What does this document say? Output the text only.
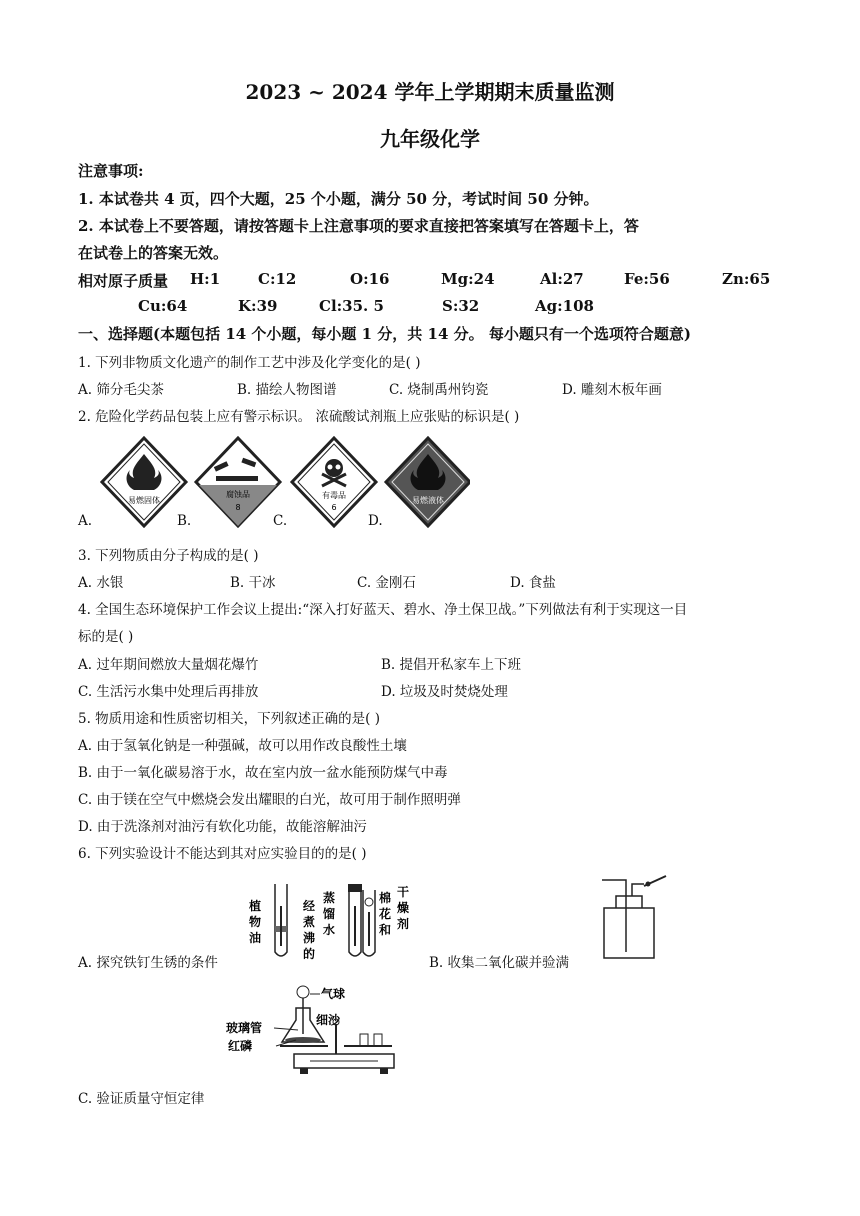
2023 ~ 2024 学年上学期期末质量监测
九年级化学
注意事项:
1. 本试卷共 4 页，四个大题，25 个小题，满分 50 分，考试时间 50 分钟。
2. 本试卷上不要答题，请按答题卡上注意事项的要求直接把答案填写在答题卡上，答
在试卷上的答案无效。
相对原子质量 H:1	C:12	O:16	Mg:24	Al:27	Fe:56	Zn:65
Cu:64	K:39	Cl:35. 5	S:32	Ag:108
一、选择题(本题包括 14 个小题，每小题 1 分，共 14 分。 每小题只有一个选项符合题意)
1. 下列非物质文化遗产的制作工艺中涉及化学变化的是( )
A. 筛分毛尖茶	B. 描绘人物图谱	C. 烧制禹州钧瓷	D. 雕刻木板年画
2. 危险化学药品包装上应有警示标识。 浓硫酸试剂瓶上应张贴的标识是( )
易燃固体
腐蚀品
8
有毒品
6
易燃液体
A.	B.	C.	D.
3. 下列物质由分子构成的是( )
A. 水银	B. 干冰	C. 金刚石	D. 食盐
4. 全国生态环境保护工作会议上提出:“深入打好蓝天、碧水、净土保卫战。”下列做法有利于实现这一目
标的是( )
A. 过年期间燃放大量烟花爆竹	B. 提倡开私家车上下班
C. 生活污水集中处理后再排放	D. 垃圾及时焚烧处理
5. 物质用途和性质密切相关，下列叙述正确的是( )
A. 由于氢氧化钠是一种强碱，故可以用作改良酸性土壤
B. 由于一氧化碳易溶于水，故在室内放一盆水能预防煤气中毒
C. 由于镁在空气中燃烧会发出耀眼的白光，故可用于制作照明弹
D. 由于洗涤剂对油污有软化功能，故能溶解油污
6. 下列实验设计不能达到其对应实验目的的是( )
植
物
油
经
煮
沸
的
蒸
馏
水
棉
花
和
干
燥
剂
A. 探究铁钉生锈的条件	B. 收集二氧化碳并验满
气球
细沙
玻璃管
红磷
C. 验证质量守恒定律
